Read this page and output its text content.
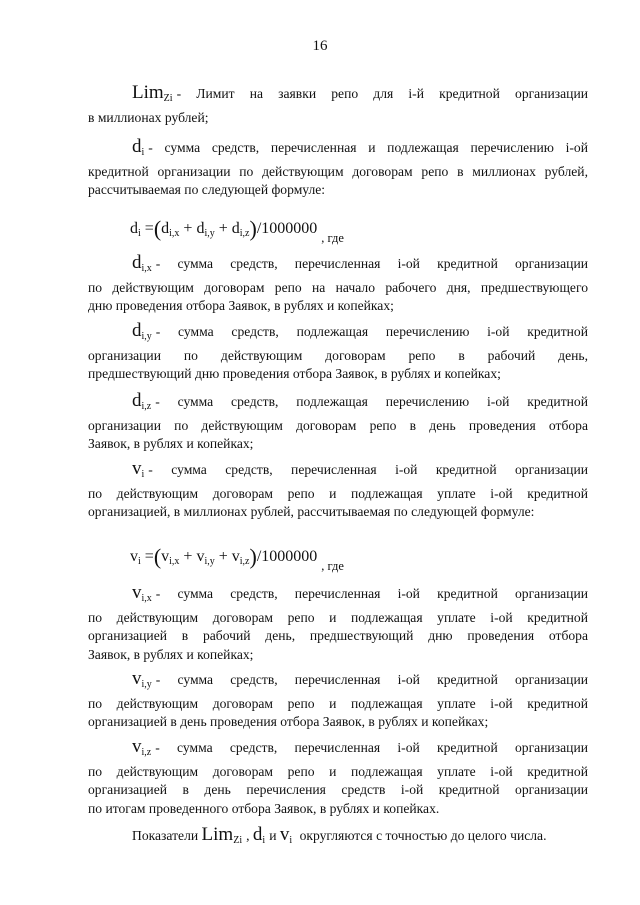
16
Lim$_{Zi}$ - Лимит на заявки репо для i-й кредитной организации
в миллионах рублей;
$d_i$ - сумма средств, перечисленная и подлежащая перечислению i-ой
кредитной организации по действующим договорам репо в миллионах рублей,
рассчитываемая по следующей формуле:
$d_i =(d_{i,x} + d_{i,y} + d_{i,z})/1000000_{, где}$
$d_{i,x}$ - сумма средств, перечисленная i-ой кредитной организации
по действующим договорам репо на начало рабочего дня, предшествующего
дню проведения отбора Заявок, в рублях и копейках;
$d_{i,y}$ - сумма средств, подлежащая перечислению i-ой кредитной
организации по действующим договорам репо в рабочий день,
предшествующий дню проведения отбора Заявок, в рублях и копейках;
$d_{i,z}$ - сумма средств, подлежащая перечислению i-ой кредитной
организации по действующим договорам репо в день проведения отбора
Заявок, в рублях и копейках;
$v_i$ - сумма средств, перечисленная i-ой кредитной организации
по действующим договорам репо и подлежащая уплате i-ой кредитной
организацией, в миллионах рублей, рассчитываемая по следующей формуле:
$v_i =(v_{i,x} + v_{i,y} + v_{i,z})/1000000_{, где}$
$v_{i,x}$ - сумма средств, перечисленная i-ой кредитной организации
по действующим договорам репо и подлежащая уплате i-ой кредитной
организацией в рабочий день, предшествующий дню проведения отбора
Заявок, в рублях и копейках;
$v_{i,y}$ - сумма средств, перечисленная i-ой кредитной организации
по действующим договорам репо и подлежащая уплате i-ой кредитной
организацией в день проведения отбора Заявок, в рублях и копейках;
$v_{i,z}$ - сумма средств, перечисленная i-ой кредитной организации
по действующим договорам репо и подлежащая уплате i-ой кредитной
организацией в день перечисления средств i-ой кредитной организации
по итогам проведенного отбора Заявок, в рублях и копейках.
Показатели Lim$_{Zi}$ , $d_i$ и $v_i$ округляются с точностью до целого числа.
